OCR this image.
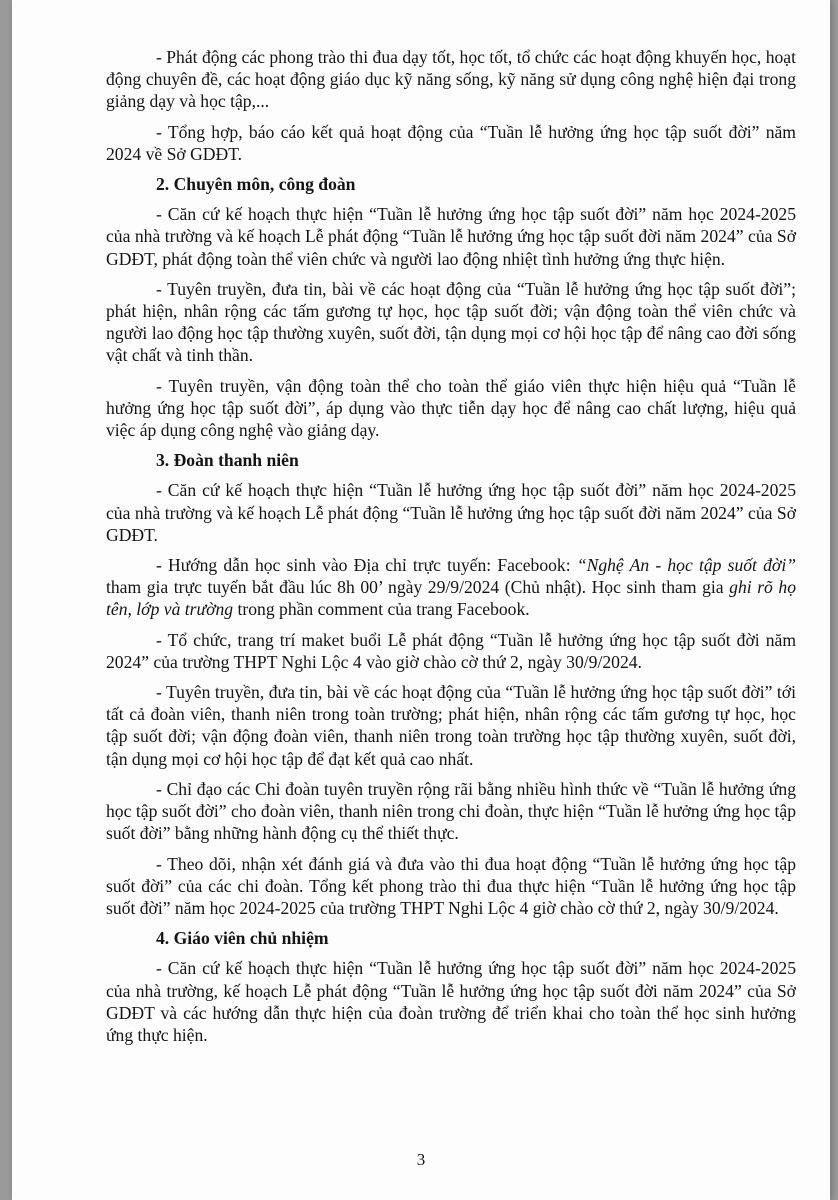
- Phát động các phong trào thi đua dạy tốt, học tốt, tổ chức các hoạt động khuyến học, hoạt động chuyên đề, các hoạt động giáo dục kỹ năng sống, kỹ năng sử dụng công nghệ hiện đại trong giảng dạy và học tập,...

- Tổng hợp, báo cáo kết quả hoạt động của “Tuần lễ hưởng ứng học tập suốt đời” năm 2024 về Sở GDĐT.

2. Chuyên môn, công đoàn

- Căn cứ kế hoạch thực hiện “Tuần lễ hưởng ứng học tập suốt đời” năm học 2024-2025 của nhà trường và kế hoạch Lễ phát động “Tuần lễ hưởng ứng học tập suốt đời năm 2024” của Sở GDĐT, phát động toàn thể viên chức và người lao động nhiệt tình hưởng ứng thực hiện.

- Tuyên truyền, đưa tin, bài về các hoạt động của “Tuần lễ hưởng ứng học tập suốt đời”; phát hiện, nhân rộng các tấm gương tự học, học tập suốt đời; vận động toàn thể viên chức và người lao động học tập thường xuyên, suốt đời, tận dụng mọi cơ hội học tập để nâng cao đời sống vật chất và tinh thần.

- Tuyên truyền, vận động toàn thể cho toàn thể giáo viên thực hiện hiệu quả “Tuần lễ hưởng ứng học tập suốt đời”, áp dụng vào thực tiễn dạy học để nâng cao chất lượng, hiệu quả việc áp dụng công nghệ vào giảng dạy.

3. Đoàn thanh niên

- Căn cứ kế hoạch thực hiện “Tuần lễ hưởng ứng học tập suốt đời” năm học 2024-2025 của nhà trường và kế hoạch Lễ phát động “Tuần lễ hưởng ứng học tập suốt đời năm 2024” của Sở GDĐT.

- Hướng dẫn học sinh vào Địa chỉ trực tuyến: Facebook: “Nghệ An - học tập suốt đời” tham gia trực tuyến bắt đầu lúc 8h 00’ ngày 29/9/2024 (Chủ nhật). Học sinh tham gia ghi rõ họ tên, lớp và trường trong phần comment của trang Facebook.

- Tổ chức, trang trí maket buổi Lễ phát động “Tuần lễ hưởng ứng học tập suốt đời năm 2024” của trường THPT Nghi Lộc 4 vào giờ chào cờ thứ 2, ngày 30/9/2024.

- Tuyên truyền, đưa tin, bài về các hoạt động của “Tuần lễ hưởng ứng học tập suốt đời” tới tất cả đoàn viên, thanh niên trong toàn trường; phát hiện, nhân rộng các tấm gương tự học, học tập suốt đời; vận động đoàn viên, thanh niên trong toàn trường học tập thường xuyên, suốt đời, tận dụng mọi cơ hội học tập để đạt kết quả cao nhất.

- Chỉ đạo các Chi đoàn tuyên truyền rộng rãi bằng nhiều hình thức về “Tuần lễ hưởng ứng học tập suốt đời” cho đoàn viên, thanh niên trong chi đoàn, thực hiện “Tuần lễ hưởng ứng học tập suốt đời” bằng những hành động cụ thể thiết thực.

- Theo dõi, nhận xét đánh giá và đưa vào thi đua hoạt động “Tuần lễ hưởng ứng học tập suốt đời” của các chi đoàn. Tổng kết phong trào thi đua thực hiện “Tuần lễ hưởng ứng học tập suốt đời” năm học 2024-2025 của trường THPT Nghi Lộc 4 giờ chào cờ thứ 2, ngày 30/9/2024.

4. Giáo viên chủ nhiệm

- Căn cứ kế hoạch thực hiện “Tuần lễ hưởng ứng học tập suốt đời” năm học 2024-2025 của nhà trường, kế hoạch Lễ phát động “Tuần lễ hưởng ứng học tập suốt đời năm 2024” của Sở GDĐT và các hướng dẫn thực hiện của đoàn trường để triển khai cho toàn thể học sinh hưởng ứng thực hiện.

3
